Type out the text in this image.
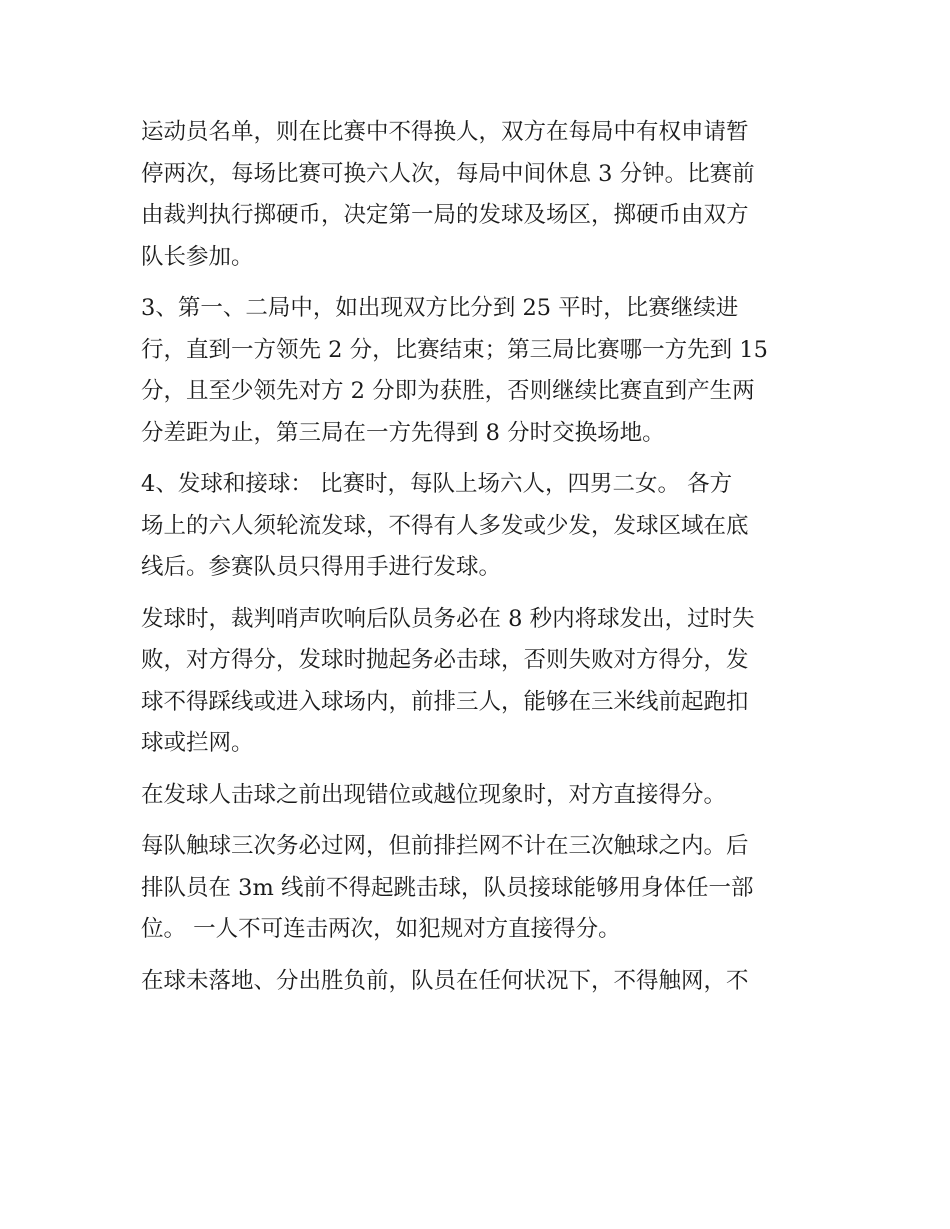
运动员名单，则在比赛中不得换人，双方在每局中有权申请暂
停两次，每场比赛可换六人次，每局中间休息 3 分钟。比赛前
由裁判执行掷硬币，决定第一局的发球及场区，掷硬币由双方
队长参加。

3、第一、二局中，如出现双方比分到 25 平时，比赛继续进
行，直到一方领先 2 分，比赛结束；第三局比赛哪一方先到 15
分，且至少领先对方 2 分即为获胜，否则继续比赛直到产生两
分差距为止，第三局在一方先得到 8 分时交换场地。

4、发球和接球： 比赛时，每队上场六人，四男二女。 各方
场上的六人须轮流发球，不得有人多发或少发，发球区域在底
线后。参赛队员只得用手进行发球。

发球时，裁判哨声吹响后队员务必在 8 秒内将球发出，过时失
败，对方得分，发球时抛起务必击球，否则失败对方得分，发
球不得踩线或进入球场内，前排三人，能够在三米线前起跑扣
球或拦网。

在发球人击球之前出现错位或越位现象时，对方直接得分。

每队触球三次务必过网，但前排拦网不计在三次触球之内。后
排队员在 3m 线前不得起跳击球，队员接球能够用身体任一部
位。 一人不可连击两次，如犯规对方直接得分。

在球未落地、分出胜负前，队员在任何状况下，不得触网，不
